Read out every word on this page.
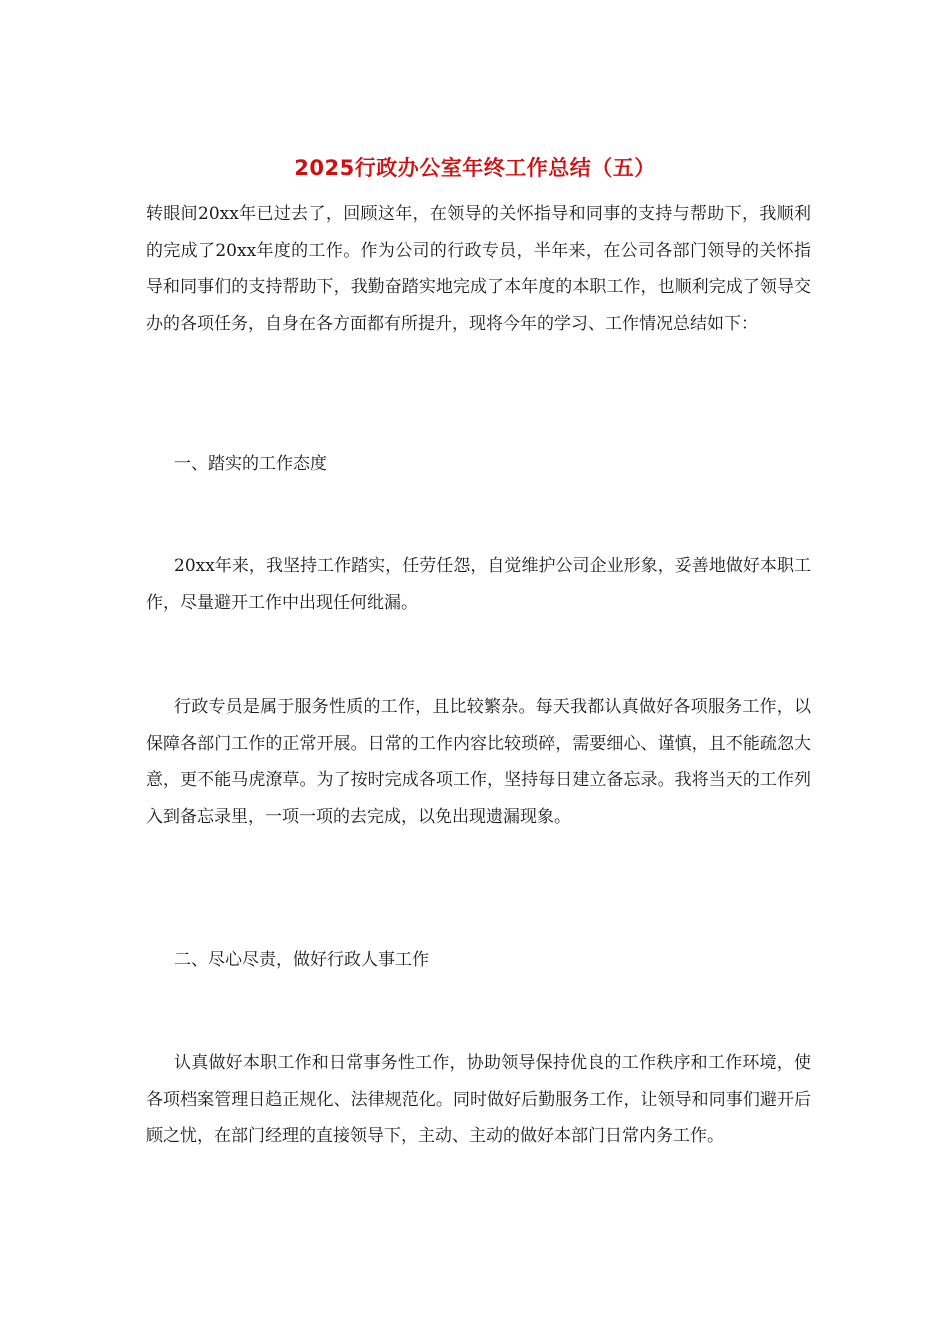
2025行政办公室年终工作总结（五）

转眼间20xx年已过去了，回顾这年，在领导的关怀指导和同事的支持与帮助下，我顺利的完成了20xx年度的工作。作为公司的行政专员，半年来，在公司各部门领导的关怀指导和同事们的支持帮助下，我勤奋踏实地完成了本年度的本职工作，也顺利完成了领导交办的各项任务，自身在各方面都有所提升，现将今年的学习、工作情况总结如下：

一、踏实的工作态度

20xx年来，我坚持工作踏实，任劳任怨，自觉维护公司企业形象，妥善地做好本职工作，尽量避开工作中出现任何纰漏。

行政专员是属于服务性质的工作，且比较繁杂。每天我都认真做好各项服务工作，以保障各部门工作的正常开展。日常的工作内容比较琐碎，需要细心、谨慎，且不能疏忽大意，更不能马虎潦草。为了按时完成各项工作，坚持每日建立备忘录。我将当天的工作列入到备忘录里，一项一项的去完成，以免出现遗漏现象。

二、尽心尽责，做好行政人事工作

认真做好本职工作和日常事务性工作，协助领导保持优良的工作秩序和工作环境，使各项档案管理日趋正规化、法律规范化。同时做好后勤服务工作，让领导和同事们避开后顾之忧，在部门经理的直接领导下，主动、主动的做好本部门日常内务工作。
